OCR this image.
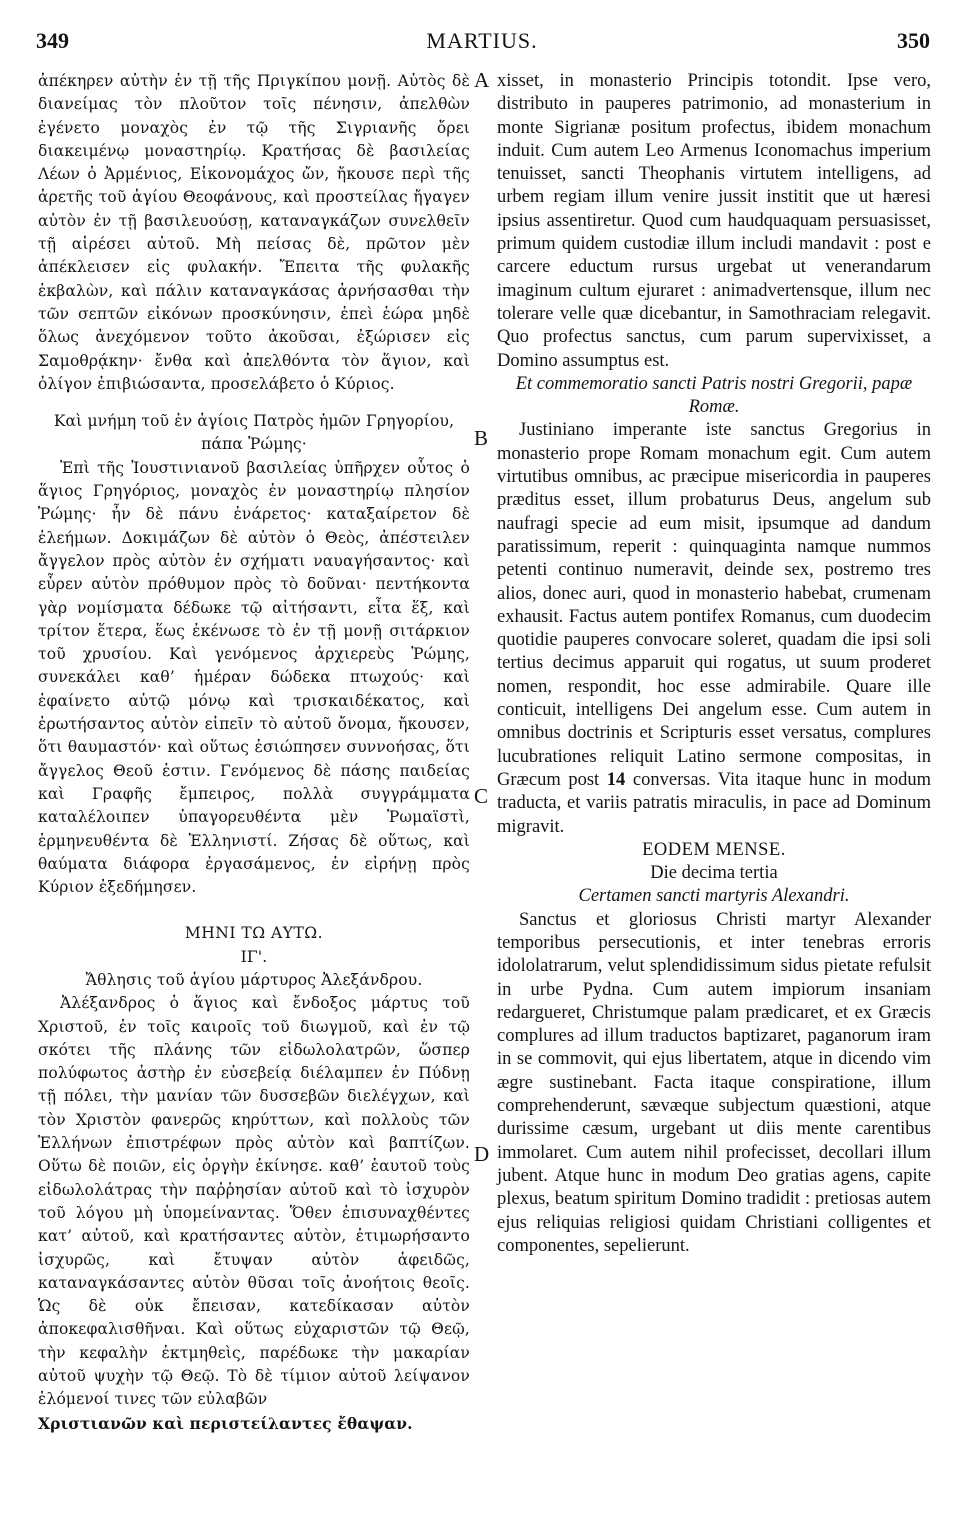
349	MARTIUS.	350

ἀπέκηρεν αὐτὴν ἐν τῇ τῆς Πριγκίπου μονῇ. Αὐτὸς δὲ διανείμας τὸν πλοῦτον τοῖς πένησιν, ἀπελθὼν ἐγένετο μοναχὸς ἐν τῷ τῆς Σιγριανῆς ὄρει διακειμένῳ μοναστηρίῳ. Κρατήσας δὲ βασιλείας Λέων ὁ Ἀρμένιος, Εἰκονομάχος ὤν, ἤκουσε περὶ τῆς ἀρετῆς τοῦ ἁγίου Θεοφάνους, καὶ προστείλας ἤγαγεν αὐτὸν ἐν τῇ βασιλευούσῃ, καταναγκάζων συνελθεῖν τῇ αἱρέσει αὐτοῦ. Μὴ πείσας δὲ, πρῶτον μὲν ἀπέκλεισεν εἰς φυλακήν. Ἔπειτα τῆς φυλακῆς ἐκβαλὼν, καὶ πάλιν καταναγκάσας ἀρνήσασθαι τὴν τῶν σεπτῶν εἰκόνων προσκύνησιν, ἐπεὶ ἑώρα μηδὲ ὅλως ἀνεχόμενον τοῦτο ἀκοῦσαι, ἐξώρισεν εἰς Σαμοθρᾴκην· ἔνθα καὶ ἀπελθόντα τὸν ἅγιον, καὶ ὀλίγον ἐπιβιώσαντα, προσελάβετο ὁ Κύριος.

Καὶ μνήμη τοῦ ἐν ἁγίοις Πατρὸς ἡμῶν Γρηγορίου, πάπα Ῥώμης·

Ἐπὶ τῆς Ἰουστινιανοῦ βασιλείας ὑπῆρχεν οὗτος ὁ ἅγιος Γρηγόριος, μοναχὸς ἐν μοναστηρίῳ πλησίον Ῥώμης· ἦν δὲ πάνυ ἐνάρετος· καταξαίρετον δὲ ἐλεήμων. Δοκιμάζων δὲ αὐτὸν ὁ Θεὸς, ἀπέστειλεν ἄγγελον πρὸς αὐτὸν ἐν σχήματι ναυαγήσαντος· καὶ εὗρεν αὐτὸν πρόθυμον πρὸς τὸ δοῦναι· πεντήκοντα γὰρ νομίσματα δέδωκε τῷ αἰτήσαντι, εἶτα ἕξ, καὶ τρίτον ἕτερα, ἕως ἐκένωσε τὸ ἐν τῇ μονῇ σιτάρκιον τοῦ χρυσίου. Καὶ γενόμενος ἀρχιερεὺς Ῥώμης, συνεκάλει καθ’ ἡμέραν δώδεκα πτωχούς· καὶ ἐφαίνετο αὐτῷ μόνῳ καὶ τρισκαιδέκατος, καὶ ἐρωτήσαντος αὐτὸν εἰπεῖν τὸ αὐτοῦ ὄνομα, ἤκουσεν, ὅτι θαυμαστόν· καὶ οὕτως ἐσιώπησεν συννοήσας, ὅτι ἄγγελος Θεοῦ ἐστιν. Γενόμενος δὲ πάσης παιδείας καὶ Γραφῆς ἔμπειρος, πολλὰ συγγράμματα καταλέλοιπεν ὑπαγορευθέντα μὲν Ῥωμαϊστὶ, ἑρμηνευθέντα δὲ Ἑλληνιστί. Ζήσας δὲ οὕτως, καὶ θαύματα διάφορα ἐργασάμενος, ἐν εἰρήνῃ πρὸς Κύριον ἐξεδήμησεν.

ΜΗΝΙ ΤΩ ΑΥΤΩ.

ΙΓ'.

Ἄθλησις τοῦ ἁγίου μάρτυρος Ἀλεξάνδρου.

Ἀλέξανδρος ὁ ἅγιος καὶ ἔνδοξος μάρτυς τοῦ Χριστοῦ, ἐν τοῖς καιροῖς τοῦ διωγμοῦ, καὶ ἐν τῷ σκότει τῆς πλάνης τῶν εἰδωλολατρῶν, ὥσπερ πολύφωτος ἀστὴρ ἐν εὐσεβείᾳ διέλαμπεν ἐν Πύδνῃ τῇ πόλει, τὴν μανίαν τῶν δυσσεβῶν διελέγχων, καὶ τὸν Χριστὸν φανερῶς κηρύττων, καὶ πολλοὺς τῶν Ἑλλήνων ἐπιστρέφων πρὸς αὐτὸν καὶ βαπτίζων. Οὕτω δὲ ποιῶν, εἰς ὀργὴν ἐκίνησε. καθ’ ἑαυτοῦ τοὺς εἰδωλολάτρας τὴν παῤῥησίαν αὐτοῦ καὶ τὸ ἰσχυρὸν τοῦ λόγου μὴ ὑπομείναντας. Ὅθεν ἐπισυναχθέντες κατ’ αὐτοῦ, καὶ κρατήσαντες αὐτὸν, ἐτιμωρήσαντο ἰσχυρῶς, καὶ ἔτυψαν αὐτὸν ἀφειδῶς, καταναγκάσαντες αὐτὸν θῦσαι τοῖς ἀνοήτοις θεοῖς. Ὡς δὲ οὐκ ἔπεισαν, κατεδίκασαν αὐτὸν ἀποκεφαλισθῆναι. Καὶ οὕτως εὐχαριστῶν τῷ Θεῷ, τὴν κεφαλὴν ἐκτμηθεὶς, παρέδωκε τὴν μακαρίαν αὐτοῦ ψυχὴν τῷ Θεῷ. Τὸ δὲ τίμιον αὐτοῦ λείψανον ἑλόμενοί τινες τῶν εὐλαβῶν

Χριστιανῶν καὶ περιστείλαντες ἔθαψαν.

xisset, in monasterio Principis totondit. Ipse vero, distributo in pauperes patrimonio, ad monasterium in monte Sigrianæ positum profectus, ibidem monachum induit. Cum autem Leo Armenus Iconomachus imperium tenuisset, sancti Theophanis virtutem intelligens, ad urbem regiam illum venire jussit institit que ut hæresi ipsius assentiretur. Quod cum haudquaquam persuasisset, primum quidem custodiæ illum includi mandavit : post e carcere eductum rursus urgebat ut venerandarum imaginum cultum ejuraret : animadvertensque, illum nec tolerare velle quæ dicebantur, in Samothraciam relegavit. Quo profectus sanctus, cum parum supervixisset, a Domino assumptus est.

Et commemoratio sancti Patris nostri Gregorii, papæ Romæ.

Justiniano imperante iste sanctus Gregorius in monasterio prope Romam monachum egit. Cum autem virtutibus omnibus, ac præcipue misericordia in pauperes præditus esset, illum probaturus Deus, angelum sub naufragi specie ad eum misit, ipsumque ad dandum paratissimum, reperit : quinquaginta namque nummos petenti continuo numeravit, deinde sex, postremo tres alios, donec auri, quod in monasterio habebat, crumenam exhausit. Factus autem pontifex Romanus, cum duodecim quotidie pauperes convocare soleret, quadam die ipsi soli tertius decimus apparuit qui rogatus, ut suum proderet nomen, respondit, hoc esse admirabile. Quare ille conticuit, intelligens Dei angelum esse. Cum autem in omnibus doctrinis et Scripturis esset versatus, complures lucubrationes reliquit Latino sermone compositas, in Græcum post 14 conversas. Vita itaque hunc in modum traducta, et variis patratis miraculis, in pace ad Dominum migravit.

EODEM MENSE.

Die decima tertia

Certamen sancti martyris Alexandri.

Sanctus et gloriosus Christi martyr Alexander temporibus persecutionis, et inter tenebras erroris idololatrarum, velut splendidissimum sidus pietate refulsit in urbe Pydna. Cum autem impiorum insaniam redargueret, Christumque palam prædicaret, et ex Græcis complures ad illum traductos baptizaret, paganorum iram in se commovit, qui ejus libertatem, atque in dicendo vim ægre sustinebant. Facta itaque conspiratione, illum comprehenderunt, sævæque subjectum quæstioni, atque durissime cæsum, urgebant ut diis mente carentibus immolaret. Cum autem nihil profecisset, decollari illum jubent. Atque hunc in modum Deo gratias agens, capite plexus, beatum spiritum Domino tradidit : pretiosas autem ejus reliquias religiosi quidam Christiani colligentes et componentes, sepelierunt.

A
B
C
D
